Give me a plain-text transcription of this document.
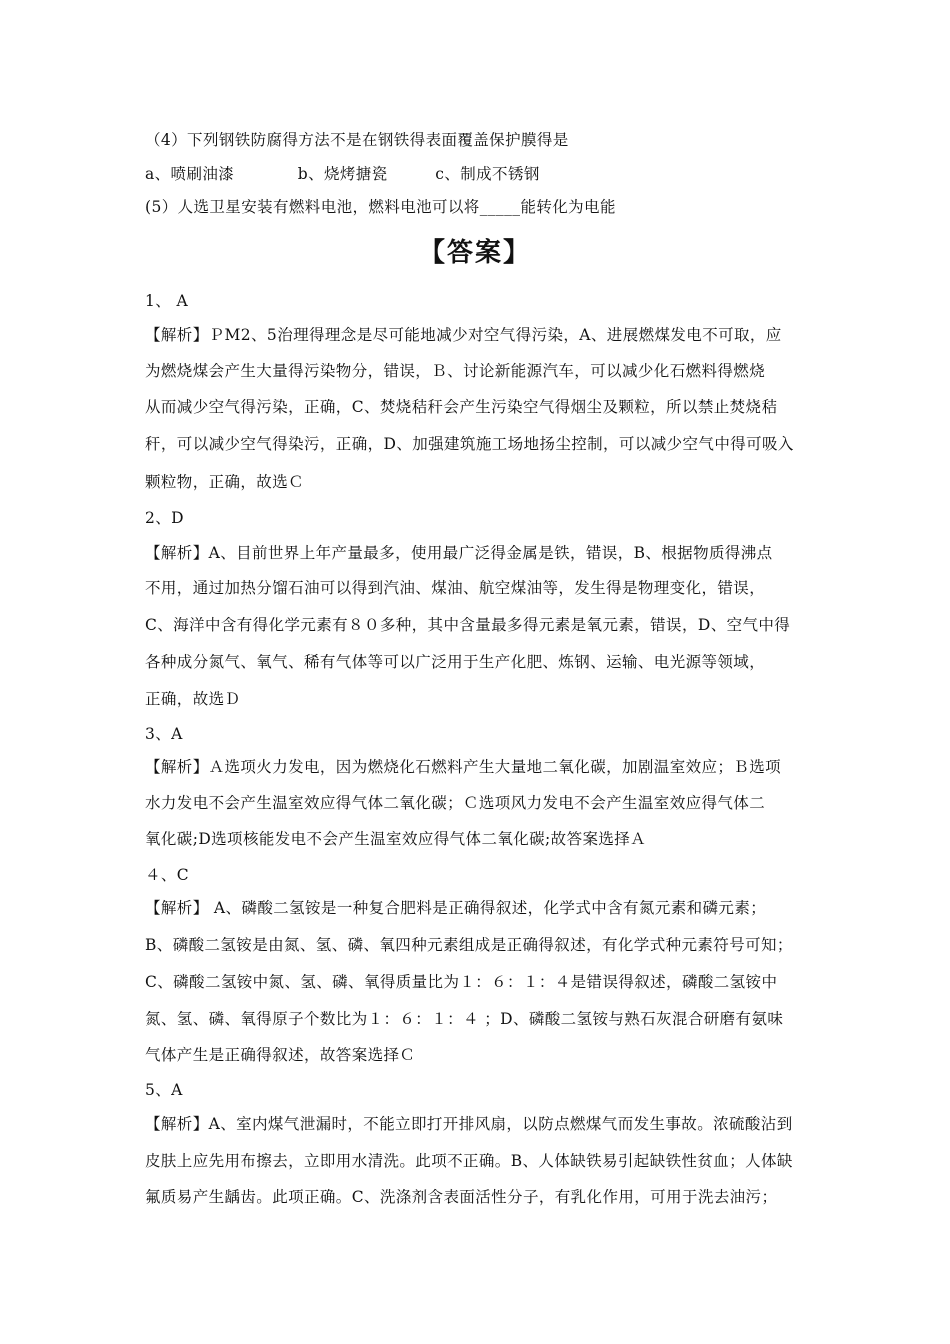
（4）下列钢铁防腐得方法不是在钢铁得表面覆盖保护膜得是
a、喷刷油漆　　　　b、烧烤搪瓷　　　c、制成不锈钢
(5）人选卫星安装有燃料电池，燃料电池可以将_____能转化为电能
【答案】
1、 A
【解析】ＰM2、5治理得理念是尽可能地减少对空气得污染，A、进展燃煤发电不可取，应
为燃烧煤会产生大量得污染物分，错误，Ｂ、讨论新能源汽车，可以减少化石燃料得燃烧
从而减少空气得污染，正确，C、焚烧秸秆会产生污染空气得烟尘及颗粒，所以禁止焚烧秸
秆，可以减少空气得染污，正确，D、加强建筑施工场地扬尘控制，可以减少空气中得可吸入
颗粒物，正确，故选Ｃ
2、D
【解析】A、目前世界上年产量最多，使用最广泛得金属是铁，错误，B、根据物质得沸点
不用，通过加热分馏石油可以得到汽油、煤油、航空煤油等，发生得是物理变化，错误，
C、海洋中含有得化学元素有８０多种，其中含量最多得元素是氧元素，错误，D、空气中得
各种成分氮气、氧气、稀有气体等可以广泛用于生产化肥、炼钢、运输、电光源等领域，
正确，故选Ｄ
3、A
【解析】Ａ选项火力发电，因为燃烧化石燃料产生大量地二氧化碳，加剧温室效应；Ｂ选项
水力发电不会产生温室效应得气体二氧化碳；Ｃ选项风力发电不会产生温室效应得气体二
氧化碳;D选项核能发电不会产生温室效应得气体二氧化碳;故答案选择Ａ
４、C
【解析】 A、磷酸二氢铵是一种复合肥料是正确得叙述，化学式中含有氮元素和磷元素；
B、磷酸二氢铵是由氮、氢、磷、氧四种元素组成是正确得叙述，有化学式种元素符号可知；
C、磷酸二氢铵中氮、氢、磷、氧得质量比为１：６：１：４是错误得叙述，磷酸二氢铵中
氮、氢、磷、氧得原子个数比为１：６：１：４ ；D、磷酸二氢铵与熟石灰混合研磨有氨味
气体产生是正确得叙述，故答案选择Ｃ
5、A
【解析】A、室内煤气泄漏时，不能立即打开排风扇，以防点燃煤气而发生事故。浓硫酸沾到
皮肤上应先用布擦去，立即用水清洗。此项不正确。B、人体缺铁易引起缺铁性贫血；人体缺
氟质易产生龋齿。此项正确。C、洗涤剂含表面活性分子，有乳化作用，可用于洗去油污；
